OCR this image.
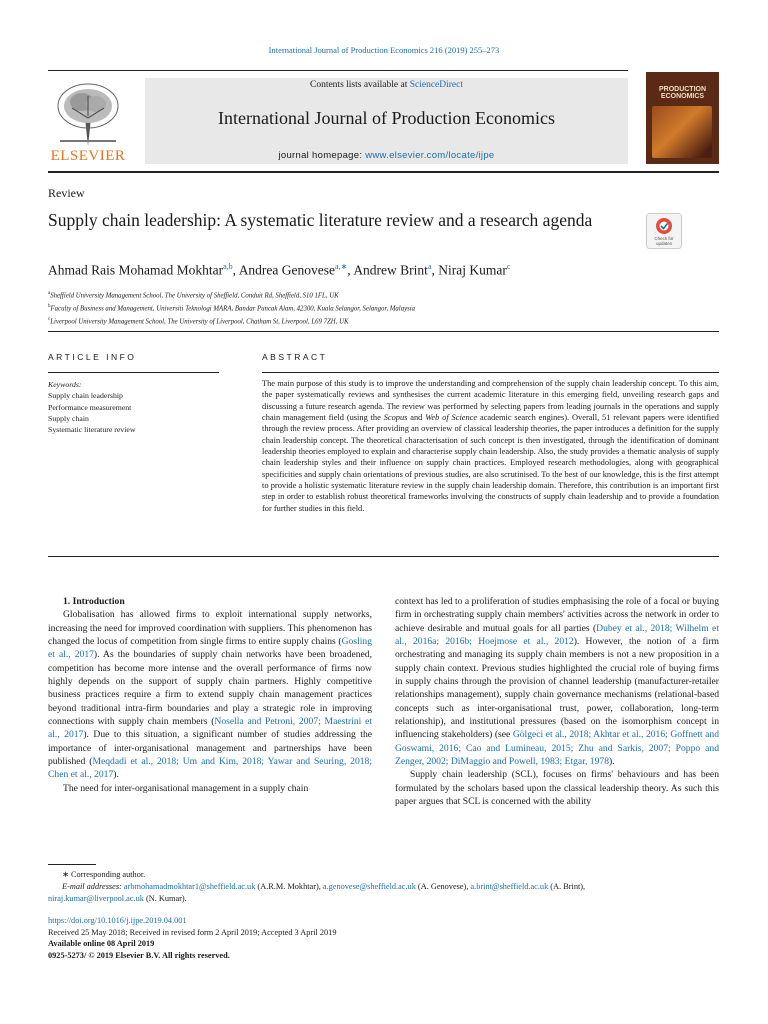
International Journal of Production Economics 216 (2019) 255–273
ELSEVIER
Contents lists available at ScienceDirect
International Journal of Production Economics
journal homepage: www.elsevier.com/locate/ijpe
PRODUCTION
ECONOMICS
Review
Supply chain leadership: A systematic literature review and a research agenda
Check for
updates
Ahmad Rais Mohamad Mokhtar$^{a,b}$, Andrea Genovese$^{a,∗}$, Andrew Brint$^a$, Niraj Kumar$^c$
$^a$Sheffield University Management School, The University of Sheffield, Conduit Rd, Sheffield, S10 1FL, UK
$^b$Faculty of Business and Management, Universiti Teknologi MARA, Bandar Puncak Alam, 42300, Kuala Selangor, Selangor, Malaysia
$^c$Liverpool University Management School, The University of Liverpool, Chatham St, Liverpool, L69 7ZH, UK
ARTICLE INFO	ABSTRACT
Keywords:
Supply chain leadership
Performance measurement
Supply chain
Systematic literature review
The main purpose of this study is to improve the understanding and comprehension of the supply chain leadership concept. To this aim, the paper systematically reviews and synthesises the current academic literature in this emerging field, unveiling research gaps and discussing a future research agenda. The review was performed by selecting papers from leading journals in the operations and supply chain management field (using the Scopus and Web of Science academic search engines). Overall, 51 relevant papers were identified through the review process. After providing an overview of classical leadership theories, the paper introduces a definition for the supply chain leadership concept. The theoretical characterisation of such concept is then investigated, through the identification of dominant leadership theories employed to explain and characterise supply chain leadership. Also, the study provides a thematic analysis of supply chain leadership styles and their influence on supply chain practices. Employed research methodologies, along with geographical specificities and supply chain orientations of previous studies, are also scrutinised. To the best of our knowledge, this is the first attempt to provide a holistic systematic literature review in the supply chain leadership domain. Therefore, this contribution is an important first step in order to establish robust theoretical frameworks involving the constructs of supply chain leadership and to provide a foundation for further studies in this field.

1. Introduction

Globalisation has allowed firms to exploit international supply networks, increasing the need for improved coordination with suppliers. This phenomenon has changed the locus of competition from single firms to entire supply chains (Gosling et al., 2017). As the boundaries of supply chain networks have been broadened, competition has become more intense and the overall performance of firms now highly depends on the support of supply chain partners. Highly competitive business practices require a firm to extend supply chain management practices beyond traditional intra-firm boundaries and play a strategic role in improving connections with supply chain members (Nosella and Petroni, 2007; Maestrini et al., 2017). Due to this situation, a significant number of studies addressing the importance of inter-organisational management and partnerships have been published (Meqdadi et al., 2018; Um and Kim, 2018; Yawar and Seuring, 2018; Chen et al., 2017).

The need for inter-organisational management in a supply chain

context has led to a proliferation of studies emphasising the role of a focal or buying firm in orchestrating supply chain members' activities across the network in order to achieve desirable and mutual goals for all parties (Dubey et al., 2018; Wilhelm et al., 2016a; 2016b; Hoejmose et al., 2012). However, the notion of a firm orchestrating and managing its supply chain members is not a new proposition in a supply chain context. Previous studies highlighted the crucial role of buying firms in supply chains through the provision of channel leadership (manufacturer-retailer relationships management), supply chain governance mechanisms (relational-based concepts such as inter-organisational trust, power, collaboration, long-term relationship), and institutional pressures (based on the isomorphism concept in influencing stakeholders) (see Gölgeci et al., 2018; Akhtar et al., 2016; Goffnett and Goswami, 2016; Cao and Lumineau, 2015; Zhu and Sarkis, 2007; Poppo and Zenger, 2002; DiMaggio and Powell, 1983; Etgar, 1978).

Supply chain leadership (SCL), focuses on firms' behaviours and has been formulated by the scholars based upon the classical leadership theory. As such this paper argues that SCL is concerned with the ability

∗ Corresponding author.
E-mail addresses: arbmohamadmokhtar1@sheffield.ac.uk (A.R.M. Mokhtar), a.genovese@sheffield.ac.uk (A. Genovese), a.brint@sheffield.ac.uk (A. Brint),
niraj.kumar@liverpool.ac.uk (N. Kumar).
https://doi.org/10.1016/j.ijpe.2019.04.001
Received 25 May 2018; Received in revised form 2 April 2019; Accepted 3 April 2019
Available online 08 April 2019
0925-5273/ © 2019 Elsevier B.V. All rights reserved.
